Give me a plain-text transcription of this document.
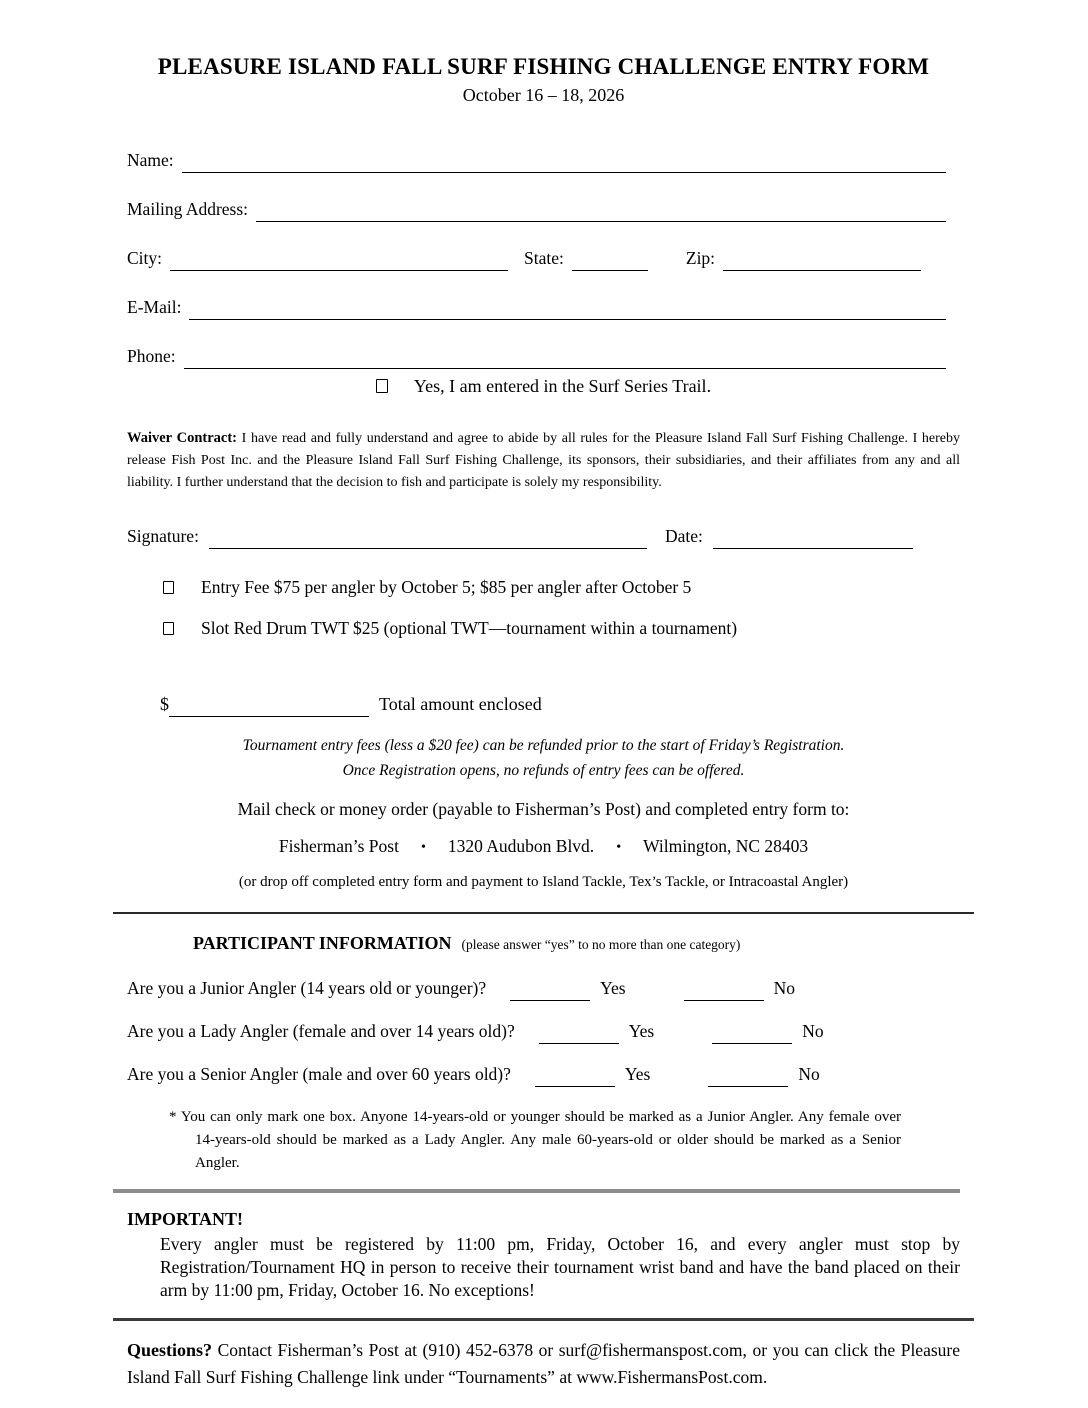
PLEASURE ISLAND FALL SURF FISHING CHALLENGE ENTRY FORM
October 16 – 18, 2026
Name:
Mailing Address:
City:	State:	Zip:
E-Mail:
Phone:
Yes, I am entered in the Surf Series Trail.
Waiver Contract: I have read and fully understand and agree to abide by all rules for the Pleasure Island Fall Surf Fishing Challenge. I hereby release Fish Post Inc. and the Pleasure Island Fall Surf Fishing Challenge, its sponsors, their subsidiaries, and their affiliates from any and all liability. I further understand that the decision to fish and participate is solely my responsibility.
Signature:	Date:
Entry Fee $75 per angler by October 5; $85 per angler after October 5
Slot Red Drum TWT $25 (optional TWT—tournament within a tournament)
$	Total amount enclosed
Tournament entry fees (less a $20 fee) can be refunded prior to the start of Friday’s Registration.
Once Registration opens, no refunds of entry fees can be offered.
Mail check or money order (payable to Fisherman’s Post) and completed entry form to:
Fisherman’s Post • 1320 Audubon Blvd. • Wilmington, NC 28403
(or drop off completed entry form and payment to Island Tackle, Tex’s Tackle, or Intracoastal Angler)
PARTICIPANT INFORMATION (please answer “yes” to no more than one category)
Are you a Junior Angler (14 years old or younger)?	Yes	No
Are you a Lady Angler (female and over 14 years old)?	Yes	No
Are you a Senior Angler (male and over 60 years old)?	Yes	No
* You can only mark one box. Anyone 14-years-old or younger should be marked as a Junior Angler. Any female over 14-years-old should be marked as a Lady Angler. Any male 60-years-old or older should be marked as a Senior Angler.
IMPORTANT!
Every angler must be registered by 11:00 pm, Friday, October 16, and every angler must stop by Registration/Tournament HQ in person to receive their tournament wrist band and have the band placed on their arm by 11:00 pm, Friday, October 16. No exceptions!
Questions? Contact Fisherman’s Post at (910) 452-6378 or surf@fishermanspost.com, or you can click the Pleasure Island Fall Surf Fishing Challenge link under “Tournaments” at www.FishermansPost.com.
